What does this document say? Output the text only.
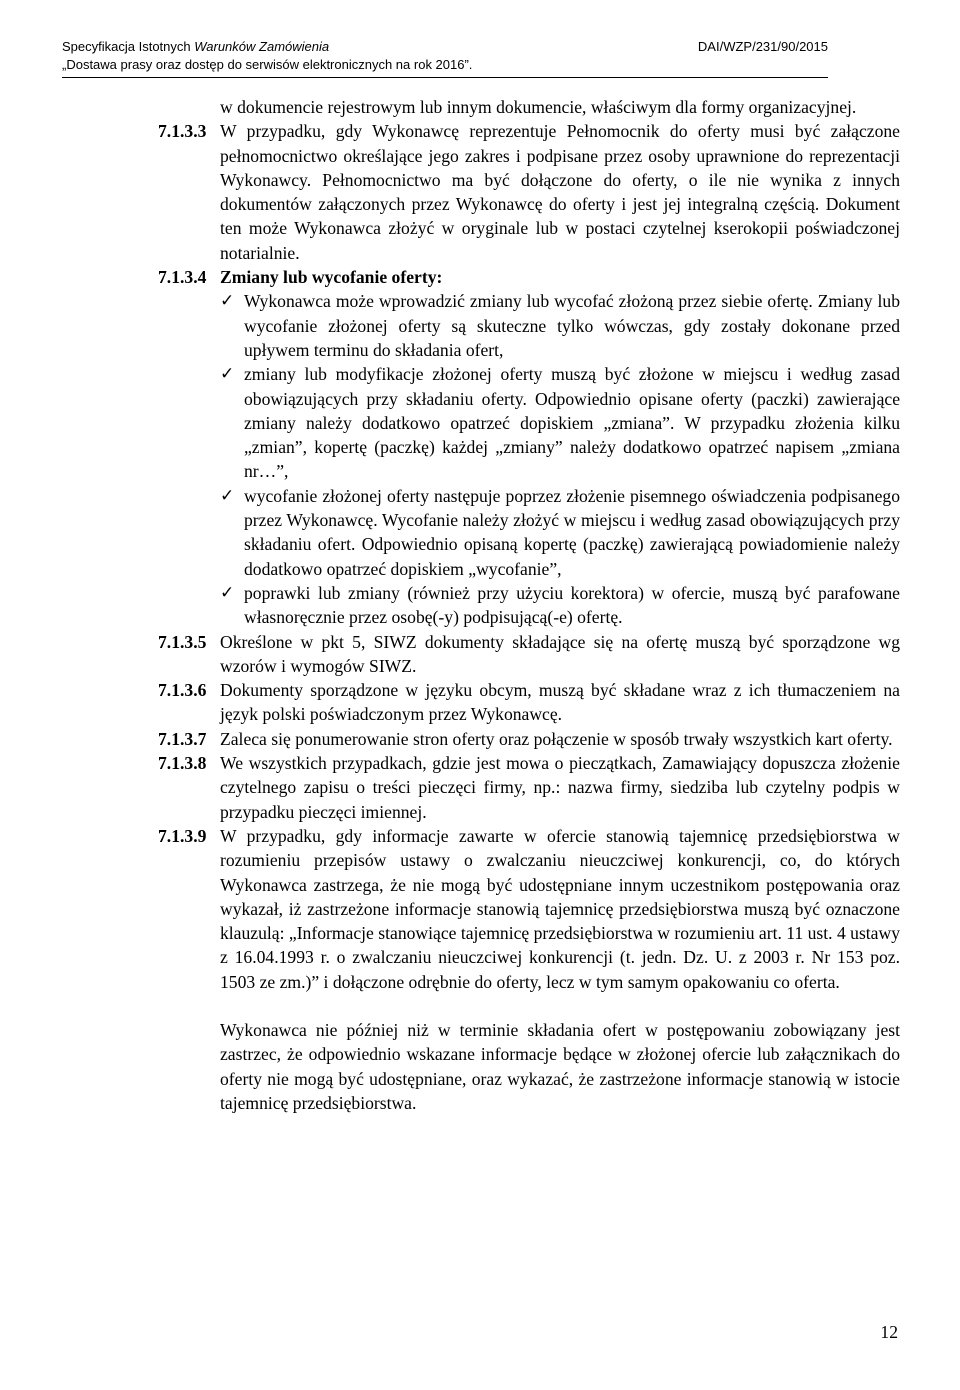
Specyfikacja Istotnych Warunków Zamówienia	DAI/WZP/231/90/2015
„Dostawa prasy oraz dostęp do serwisów elektronicznych na rok 2016”.

w dokumencie rejestrowym lub innym dokumencie, właściwym dla formy organizacyjnej.

7.1.3.3 W przypadku, gdy Wykonawcę reprezentuje Pełnomocnik do oferty musi być załączone pełnomocnictwo określające jego zakres i podpisane przez osoby uprawnione do reprezentacji Wykonawcy. Pełnomocnictwo ma być dołączone do oferty, o ile nie wynika z innych dokumentów załączonych przez Wykonawcę do oferty i jest jej integralną częścią. Dokument ten może Wykonawca złożyć w oryginale lub w postaci czytelnej kserokopii poświadczonej notarialnie.
7.1.3.4 Zmiany lub wycofanie oferty:
✓ Wykonawca może wprowadzić zmiany lub wycofać złożoną przez siebie ofertę. Zmiany lub wycofanie złożonej oferty są skuteczne tylko wówczas, gdy zostały dokonane przed upływem terminu do składania ofert,
✓ zmiany lub modyfikacje złożonej oferty muszą być złożone w miejscu i według zasad obowiązujących przy składaniu oferty. Odpowiednio opisane oferty (paczki) zawierające zmiany należy dodatkowo opatrzeć dopiskiem „zmiana”. W przypadku złożenia kilku „zmian”, kopertę (paczkę) każdej „zmiany” należy dodatkowo opatrzeć napisem „zmiana nr…”,
✓ wycofanie złożonej oferty następuje poprzez złożenie pisemnego oświadczenia podpisanego przez Wykonawcę. Wycofanie należy złożyć w miejscu i według zasad obowiązujących przy składaniu ofert. Odpowiednio opisaną kopertę (paczkę) zawierającą powiadomienie należy dodatkowo opatrzeć dopiskiem „wycofanie”,
✓ poprawki lub zmiany (również przy użyciu korektora) w ofercie, muszą być parafowane własnoręcznie przez osobę(-y) podpisującą(-e) ofertę.
7.1.3.5 Określone w pkt 5, SIWZ dokumenty składające się na ofertę muszą być sporządzone wg wzorów i wymogów SIWZ.
7.1.3.6 Dokumenty sporządzone w języku obcym, muszą być składane wraz z ich tłumaczeniem na język polski poświadczonym przez Wykonawcę.
7.1.3.7 Zaleca się ponumerowanie stron oferty oraz połączenie w sposób trwały wszystkich kart oferty.
7.1.3.8 We wszystkich przypadkach, gdzie jest mowa o pieczątkach, Zamawiający dopuszcza złożenie czytelnego zapisu o treści pieczęci firmy, np.: nazwa firmy, siedziba lub czytelny podpis w przypadku pieczęci imiennej.
7.1.3.9 W przypadku, gdy informacje zawarte w ofercie stanowią tajemnicę przedsiębiorstwa w rozumieniu przepisów ustawy o zwalczaniu nieuczciwej konkurencji, co, do których Wykonawca zastrzega, że nie mogą być udostępniane innym uczestnikom postępowania oraz wykazał, iż zastrzeżone informacje stanowią tajemnicę przedsiębiorstwa muszą być oznaczone klauzulą: „Informacje stanowiące tajemnicę przedsiębiorstwa w rozumieniu art. 11 ust. 4 ustawy z 16.04.1993 r. o zwalczaniu nieuczciwej konkurencji (t. jedn. Dz. U. z 2003 r. Nr 153 poz. 1503 ze zm.)” i dołączone odrębnie do oferty, lecz w tym samym opakowaniu co oferta.

Wykonawca nie później niż w terminie składania ofert w postępowaniu zobowiązany jest zastrzec, że odpowiednio wskazane informacje będące w złożonej ofercie lub załącznikach do oferty nie mogą być udostępniane, oraz wykazać, że zastrzeżone informacje stanowią w istocie tajemnicę przedsiębiorstwa.

12
